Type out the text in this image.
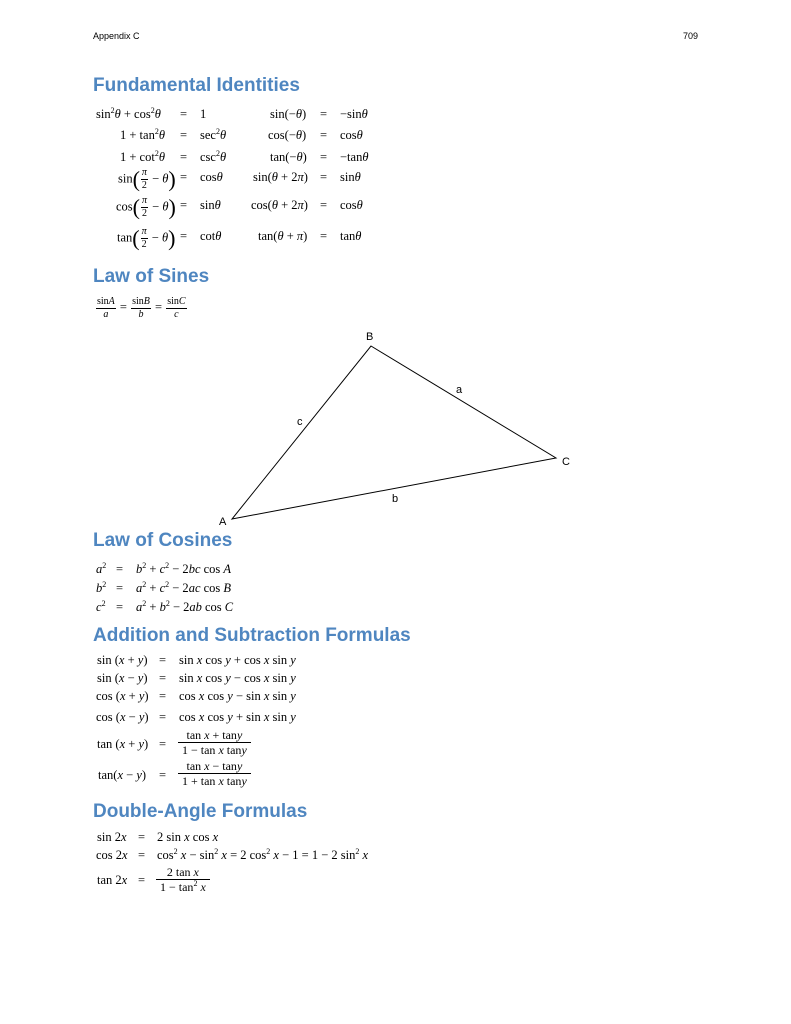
Appendix C	709
Fundamental Identities
$\sin^2\theta + \cos^2\theta = 1$	sin(−θ) = −sinθ
$1 + \tan^2\theta = \sec^2\theta$	cos(−θ) = cosθ
$1 + \cot^2\theta = \csc^2\theta$	tan(−θ) = −tanθ
$\sin( \frac{\pi}{2} - \theta) = \cos\theta$ sin(θ + 2π) = sinθ
$\cos( \frac{\pi}{2} - \theta) = \sin\theta$ cos(θ + 2π) = cosθ
$\tan( \frac{\pi}{2} - \theta) = \cot\theta$	tan(θ + π) = tanθ
Law of Sines
$\frac{\sin A}{a} = \frac{\sin B}{b} = \frac{\sin C}{c}$
B
C
A
a
b
c
Law of Cosines
$a^2 = b^2 + c^2 - 2bc$ cos A
$b^2 = a^2 + c^2 - 2ac$ cos B
$c^2 = a^2 + b^2 - 2ab$ cos C
Addition and Subtraction Formulas
sin (x + y) = sin x cos y + cos x sin y
sin (x − y) = sin x cos y − cos x sin y
cos (x + y) = cos x cos y − sin x sin y
cos (x − y) = cos x cos y + sin x sin y
$\tan (x + y) = \frac{\text{tan x + tany}}{\text{1 − tan x tany}}$
$\tan(x - y) = \frac{\text{tan x − tany}}{\text{1 + tan x tany}}$
Double-Angle Formulas
sin 2x = 2 sin x cos x
$\cos 2x = \cos^2 x - \sin^2 x = 2$ $\cos^2 x - 1 = 1 - 2$ $\sin^2 x$
$\tan 2x = \frac{\text{2 tan x}}{1 - \tan^2 x}$
